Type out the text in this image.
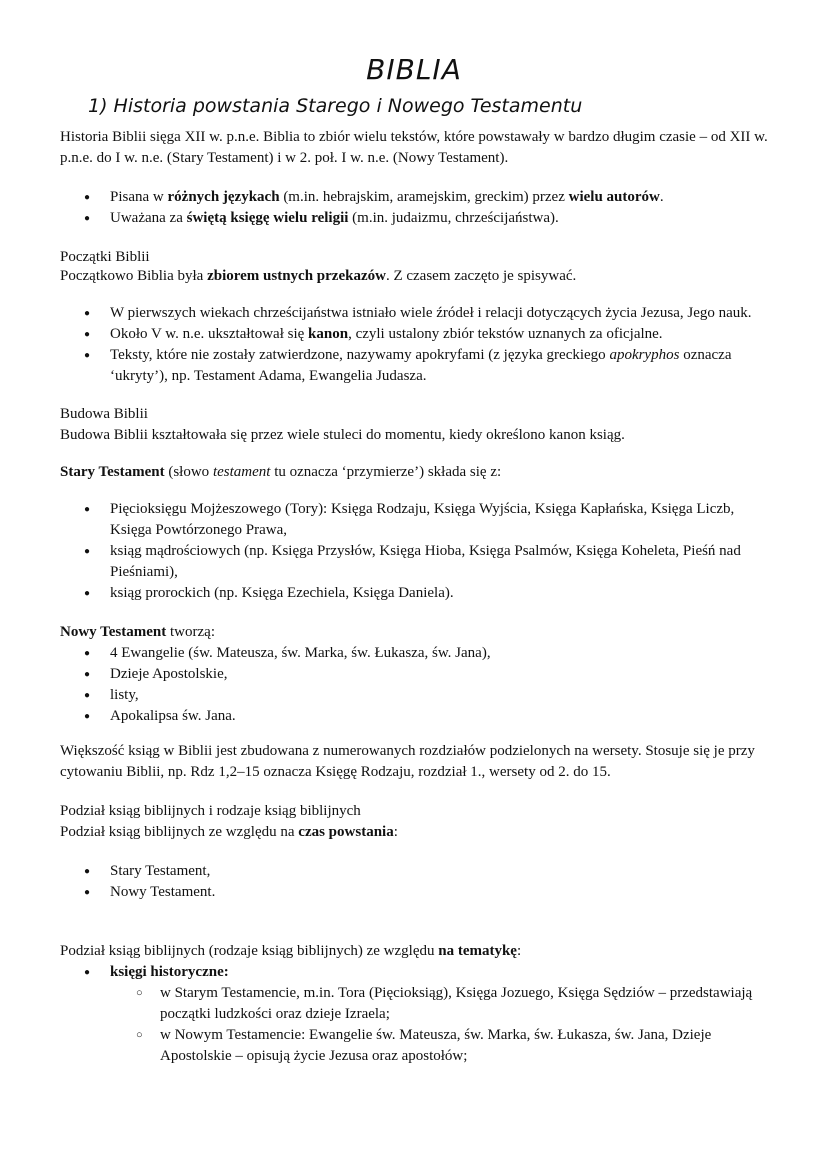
BIBLIA
1) Historia powstania Starego i Nowego Testamentu
Historia Biblii sięga XII w. p.n.e. Biblia to zbiór wielu tekstów, które powstawały w bardzo długim czasie – od XII w. p.n.e. do I w. n.e. (Stary Testament) i w 2. poł. I w. n.e. (Nowy Testament).
● Pisana w różnych językach (m.in. hebrajskim, aramejskim, greckim) przez wielu autorów.
● Uważana za świętą księgę wielu religii (m.in. judaizmu, chrześcijaństwa).
Początki Biblii
Początkowo Biblia była zbiorem ustnych przekazów. Z czasem zaczęto je spisywać.
● W pierwszych wiekach chrześcijaństwa istniało wiele źródeł i relacji dotyczących życia Jezusa, Jego nauk.
● Około V w. n.e. ukształtował się kanon, czyli ustalony zbiór tekstów uznanych za oficjalne.
● Teksty, które nie zostały zatwierdzone, nazywamy apokryfami (z języka greckiego apokryphos oznacza ‘ukryty’), np. Testament Adama, Ewangelia Judasza.
Budowa Biblii
Budowa Biblii kształtowała się przez wiele stuleci do momentu, kiedy określono kanon ksiąg.
Stary Testament (słowo testament tu oznacza ‘przymierze’) składa się z:
● Pięcioksięgu Mojżeszowego (Tory): Księga Rodzaju, Księga Wyjścia, Księga Kapłańska, Księga Liczb, Księga Powtórzonego Prawa,
● ksiąg mądrościowych (np. Księga Przysłów, Księga Hioba, Księga Psalmów, Księga Koheleta, Pieśń nad Pieśniami),
● ksiąg prorockich (np. Księga Ezechiela, Księga Daniela).
Nowy Testament tworzą:
● 4 Ewangelie (św. Mateusza, św. Marka, św. Łukasza, św. Jana),
● Dzieje Apostolskie,
● listy,
● Apokalipsa św. Jana.
Większość ksiąg w Biblii jest zbudowana z numerowanych rozdziałów podzielonych na wersety. Stosuje się je przy cytowaniu Biblii, np. Rdz 1,2–15 oznacza Księgę Rodzaju, rozdział 1., wersety od 2. do 15.
Podział ksiąg biblijnych i rodzaje ksiąg biblijnych
Podział ksiąg biblijnych ze względu na czas powstania:
● Stary Testament,
● Nowy Testament.
Podział ksiąg biblijnych (rodzaje ksiąg biblijnych) ze względu na tematykę:
● księgi historyczne:
○ w Starym Testamencie, m.in. Tora (Pięcioksiąg), Księga Jozuego, Księga Sędziów – przedstawiają początki ludzkości oraz dzieje Izraela;
○ w Nowym Testamencie: Ewangelie św. Mateusza, św. Marka, św. Łukasza, św. Jana, Dzieje Apostolskie – opisują życie Jezusa oraz apostołów;
